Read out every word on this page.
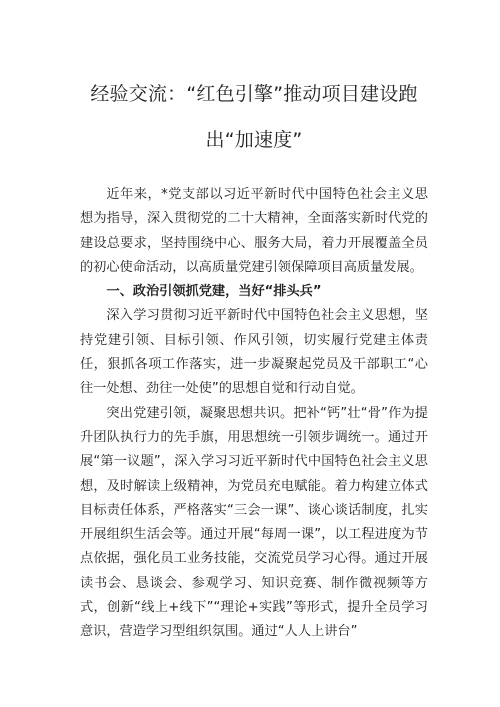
经验交流：“红色引擎”推动项目建设跑出“加速度”

近年来，*党支部以习近平新时代中国特色社会主义思想为指导，深入贯彻党的二十大精神，全面落实新时代党的建设总要求，坚持围绕中心、服务大局，着力开展覆盖全员的初心使命活动，以高质量党建引领保障项目高质量发展。

一、政治引领抓党建，当好“排头兵”

深入学习贯彻习近平新时代中国特色社会主义思想，坚持党建引领、目标引领、作风引领，切实履行党建主体责任，狠抓各项工作落实，进一步凝聚起党员及干部职工“心往一处想、劲往一处使”的思想自觉和行动自觉。

突出党建引领，凝聚思想共识。把补“钙”壮“骨”作为提升团队执行力的先手旗，用思想统一引领步调统一。通过开展“第一议题”，深入学习习近平新时代中国特色社会主义思想，及时解读上级精神，为党员充电赋能。着力构建立体式目标责任体系，严格落实“三会一课”、谈心谈话制度，扎实开展组织生活会等。通过开展“每周一课”，以工程进度为节点依据，强化员工业务技能，交流党员学习心得。通过开展读书会、恳谈会、参观学习、知识竞赛、制作微视频等方式，创新“线上+线下”“理论+实践”等形式，提升全员学习意识，营造学习型组织氛围。通过“人人上讲台”
